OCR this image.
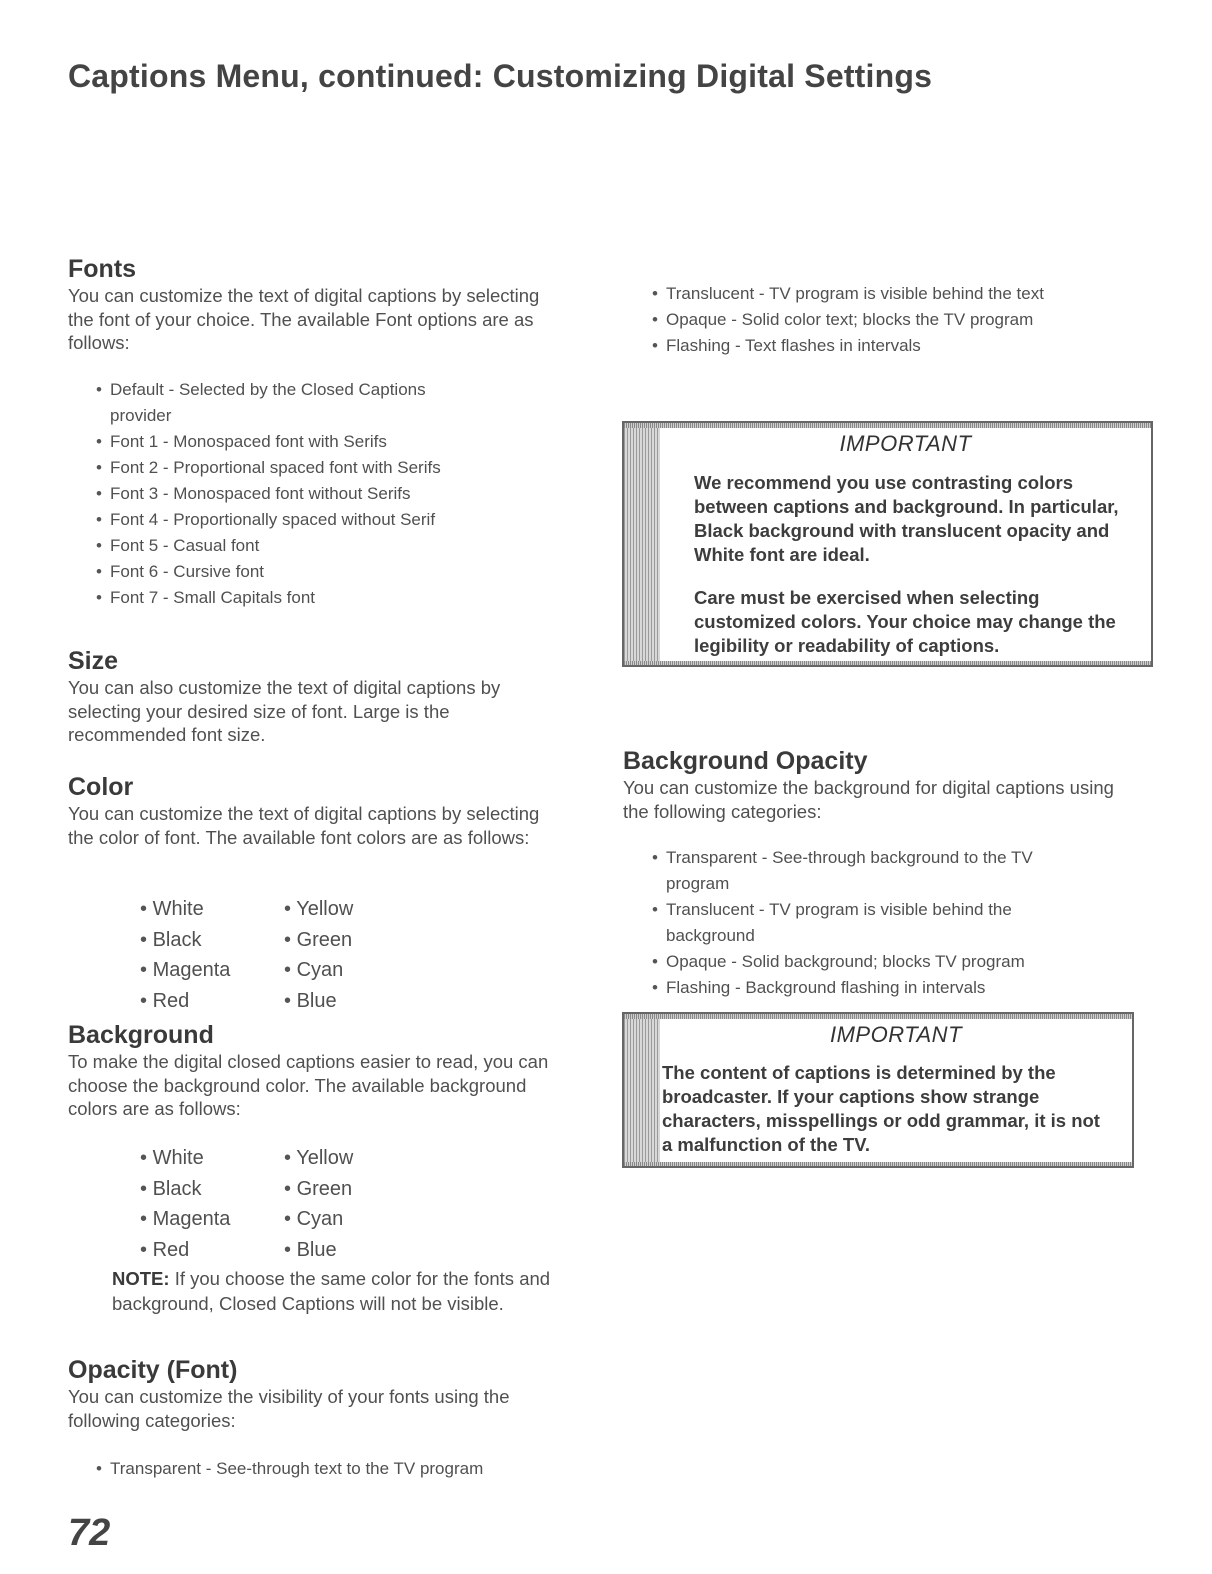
Captions Menu, continued: Customizing Digital Settings
Fonts

You can customize the text of digital captions by selecting the font of your choice. The available Font options are as follows:

• Default - Selected by the Closed Captions provider
• Font 1 - Monospaced font with Serifs
• Font 2 - Proportional spaced font with Serifs
• Font 3 - Monospaced font without Serifs
• Font 4 - Proportionally spaced without Serif
• Font 5 - Casual font
• Font 6 - Cursive font
• Font 7 - Small Capitals font
Size

You can also customize the text of digital captions by selecting your desired size of font. Large is the recommended font size.

Color

You can customize the text of digital captions by selecting the color of font. The available font colors are as follows:

• White	• Yellow
• Black	• Green
• Magenta	• Cyan
• Red	• Blue
Background

To make the digital closed captions easier to read, you can choose the background color. The available background colors are as follows:

• White	• Yellow
• Black	• Green
• Magenta	• Cyan
• Red	• Blue

NOTE: If you choose the same color for the fonts and background, Closed Captions will not be visible.

Opacity (Font)

You can customize the visibility of your fonts using the following categories:

• Transparent - See-through text to the TV program
72
• Translucent - TV program is visible behind the text
• Opaque - Solid color text; blocks the TV program
• Flashing - Text flashes in intervals
IMPORTANT

We recommend you use contrasting colors between captions and background. In particular, Black background with translucent opacity and White font are ideal.

Care must be exercised when selecting customized colors. Your choice may change the legibility or readability of captions.

Background Opacity

You can customize the background for digital captions using the following categories:

• Transparent - See-through background to the TV program
• Translucent - TV program is visible behind the background
• Opaque - Solid background; blocks TV program
• Flashing - Background flashing in intervals
IMPORTANT

The content of captions is determined by the broadcaster. If your captions show strange characters, misspellings or odd grammar, it is not a malfunction of the TV.
